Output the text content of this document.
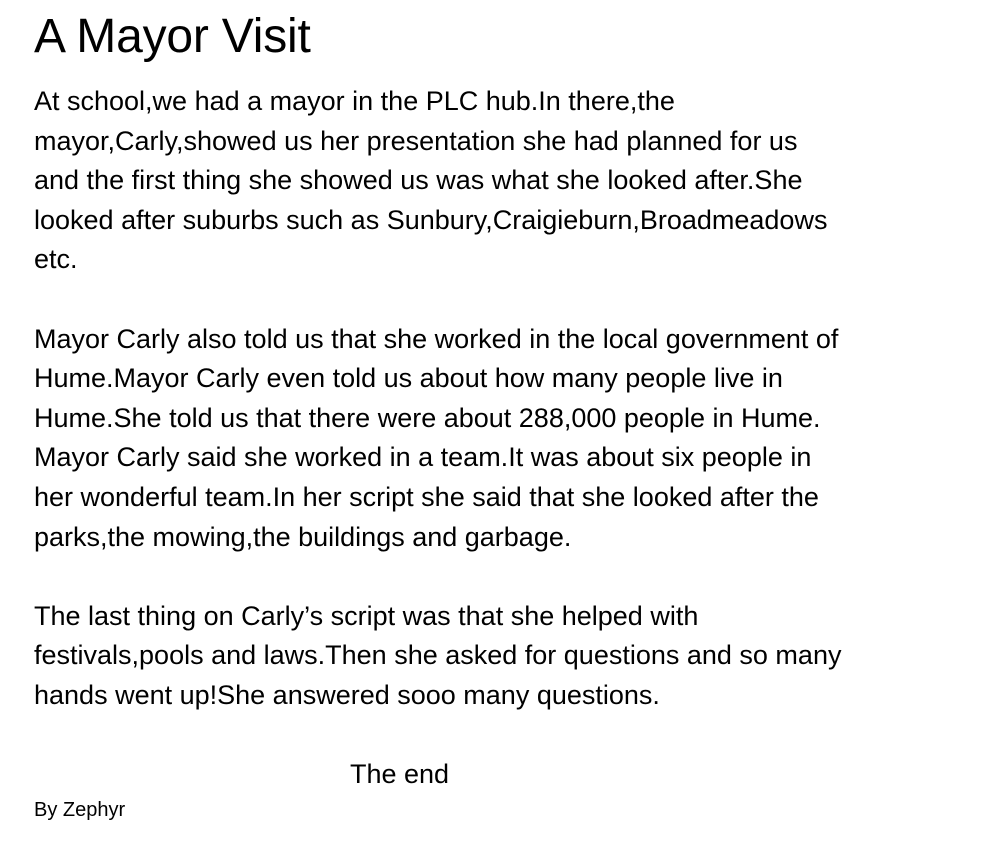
A Mayor Visit

At school,we had a mayor in the PLC hub.In there,the
mayor,Carly,showed us her presentation she had planned for us
and the first thing she showed us was what she looked after.She
looked after suburbs such as Sunbury,Craigieburn,Broadmeadows
etc.

Mayor Carly also told us that she worked in the local government of
Hume.Mayor Carly even told us about how many people live in
Hume.She told us that there were about 288,000 people in Hume.
Mayor Carly said she worked in a team.It was about six people in
her wonderful team.In her script she said that she looked after the
parks,the mowing,the buildings and garbage.

The last thing on Carly’s script was that she helped with
festivals,pools and laws.Then she asked for questions and so many
hands went up!She answered sooo many questions.

The end

By Zephyr
